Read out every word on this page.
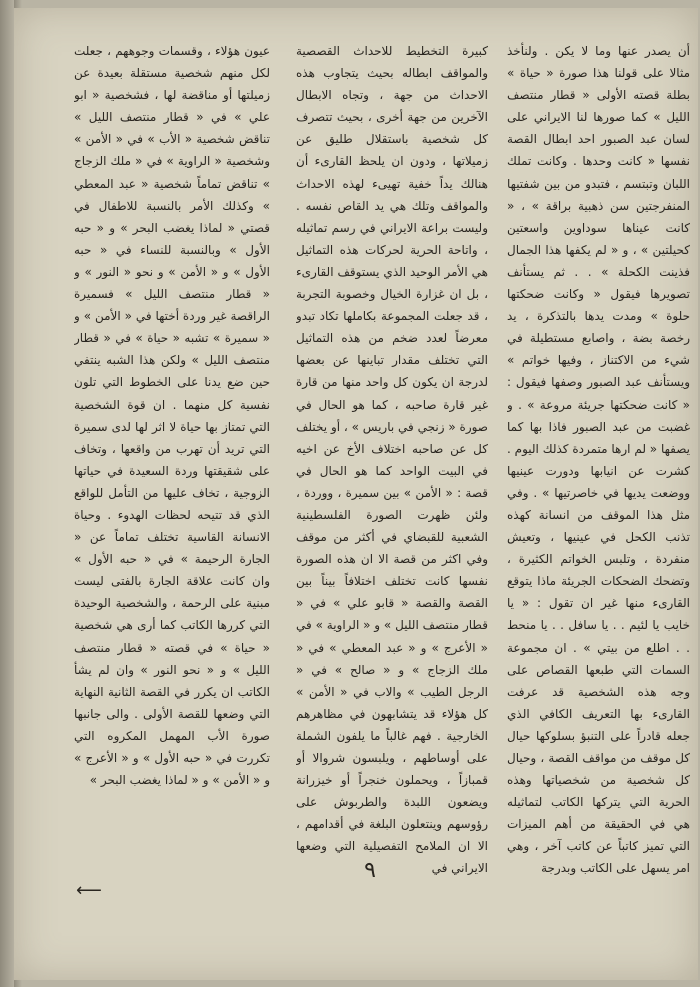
أن يصدر عنها وما لا يكن . ولنأخذ مثالا على قولنا هذا صورة « حياة » بطلة قصته الأولى « قطار منتصف الليل » كما صورها لنا الايراني على لسان عبد الصبور احد ابطال القصة نفسها « كانت وحدها . وكانت تملك اللبان وتبتسم ، فتبدو من بين شفتيها المنفرجتين سن ذهبية براقة » ، « كانت عيناها سوداوين واسعتين كحيلتين » ، و « لم يكفها هذا الجمال فذينت الكحلة » . . ثم يستأنف تصويرها فيقول « وكانت ضحكتها حلوة » ومدت يدها بالتذكرة ، يد رخصة بضة ، واصابع مستطيلة في شيء من الاكتناز ، وفيها خواتم » ويستأنف عبد الصبور وصفها فيقول : « كانت ضحكتها جريئة مروعة » . و غضبت من عبد الصبور فاذا بها كما يصفها « لم ارها متمردة كذلك اليوم . كشرت عن انيابها ودورت عينيها ووضعت يديها في خاصرتيها » . وفي مثل هذا الموقف من انسانة كهذه تذنب الكحل في عينيها ، وتعيش منفردة ، وتلبس الخواتم الكثيرة ، وتضحك الضحكات الجريئة ماذا يتوقع القارىء منها غير ان تقول : « يا خايب يا لئيم . . يا سافل . . يا منحط . . اطلع من بيتي » . ان مجموعة السمات التي طبعها القصاص على وجه هذه الشخصية قد عرفت القارىء بها التعريف الكافي الذي جعله قادراً على التنبؤ بسلوكها حيال كل موقف من مواقف القصة ، وحيال كل شخصية من شخصياتها وهذه الحرية التي يتركها الكاتب لتماثيله هي في الحقيقة من أهم الميزات التي تميز كاتباً عن كاتب آخر ، وهي امر يسهل على الكاتب وبدرجة

كبيرة التخطيط للاحداث القصصية والمواقف ابطاله بحيث يتجاوب هذه الاحداث من جهة ، وتجاه الابطال الآخرين من جهة أخرى ، بحيث تتصرف كل شخصية باستقلال طليق عن زميلاتها ، ودون ان يلحظ القارىء أن هنالك يداً خفية تهيىء لهذه الاحداث والمواقف وتلك هي يد القاص نفسه . وليست براعة الايراني في رسم تماثيله ، واتاحة الحرية لحركات هذه التماثيل هي الأمر الوحيد الذي يستوقف القارىء ، بل ان غزارة الخيال وخصوبة التجربة ، قد جعلت المجموعة بكاملها تكاد تبدو معرضاً لعدد ضخم من هذه التماثيل التي تختلف مقدار تباينها عن بعضها لدرجة ان يكون كل واحد منها من قارة غير قارة صاحبه ، كما هو الحال في صورة « زنجي في باريس » ، أو يختلف كل عن صاحبه اختلاف الأخ عن اخيه في البيت الواحد كما هو الحال في قصة : « الأمن » بين سميرة ، ووردة ، ولئن ظهرت الصورة الفلسطينية الشعبية للقبضاي في أكثر من موقف وفي اكثر من قصة الا ان هذه الصورة نفسها كانت تختلف اختلافاً بيناً بين القصة والقصة « قابو علي » في « قطار منتصف الليل » و « الراوية » في « الأعرج » و « عبد المعطي » في « ملك الزجاج » و « صالح » في « الرجل الطيب » والاب في « الأمن » كل هؤلاء قد يتشابهون في مظاهرهم الخارجية . فهم غالباً ما يلفون الشملة على أوساطهم ، ويلبسون شروالا أو قمبازاً ، ويحملون خنجراً أو خيزرانة ويضعون اللبدة والطربوش على رؤوسهم وينتعلون البلغة في أقدامهم ، الا ان الملامح التفصيلية التي وضعها الايراني في

عيون هؤلاء ، وقسمات وجوههم ، جعلت لكل منهم شخصية مستقلة بعيدة عن زميلتها أو مناقضة لها ، فشخصية « ابو علي » في « قطار منتصف الليل » تناقض شخصية « الأب » في « الأمن » وشخصية « الراوية » في « ملك الزجاج » تناقض تماماً شخصية « عبد المعطي » وكذلك الأمر بالنسبة للاطفال في قصتي « لماذا يغضب البحر » و « حبه الأول » وبالنسبة للنساء في « حبه الأول » و « الأمن » و نحو « النور » و « قطار منتصف الليل » فسميرة الراقصة غير وردة أختها في « الأمن » و « سميرة » تشبه « حياة » في « قطار منتصف الليل » ولكن هذا الشبه ينتفي حين ضع يدنا على الخطوط التي تلون نفسية كل منهما . ان قوة الشخصية التي تمتاز بها حياة لا اثر لها لدى سميرة التي تريد أن تهرب من واقعها ، وتخاف على شقيقتها وردة السعيدة في حياتها الزوجية ، تخاف عليها من التأمل للواقع الذي قد تتيحه لحظات الهدوء . وحياة الانسانة القاسية تختلف تماماً عن « الجارة الرحيمة » في « حبه الأول » وان كانت علاقة الجارة بالفتى ليست مبنية على الرحمة ، والشخصية الوحيدة التي كررها الكاتب كما أرى هي شخصية « حياة » في قصته « قطار منتصف الليل » و « نحو النور » وان لم يشأ الكاتب ان يكرر في القصة الثانية النهاية التي وضعها للقصة الأولى . والى جانبها صورة الأب المهمل المكروه التي تكررت في « حبه الأول » و « الأعرج » و « الأمن » و « لماذا يغضب البحر »

⟵
٩
